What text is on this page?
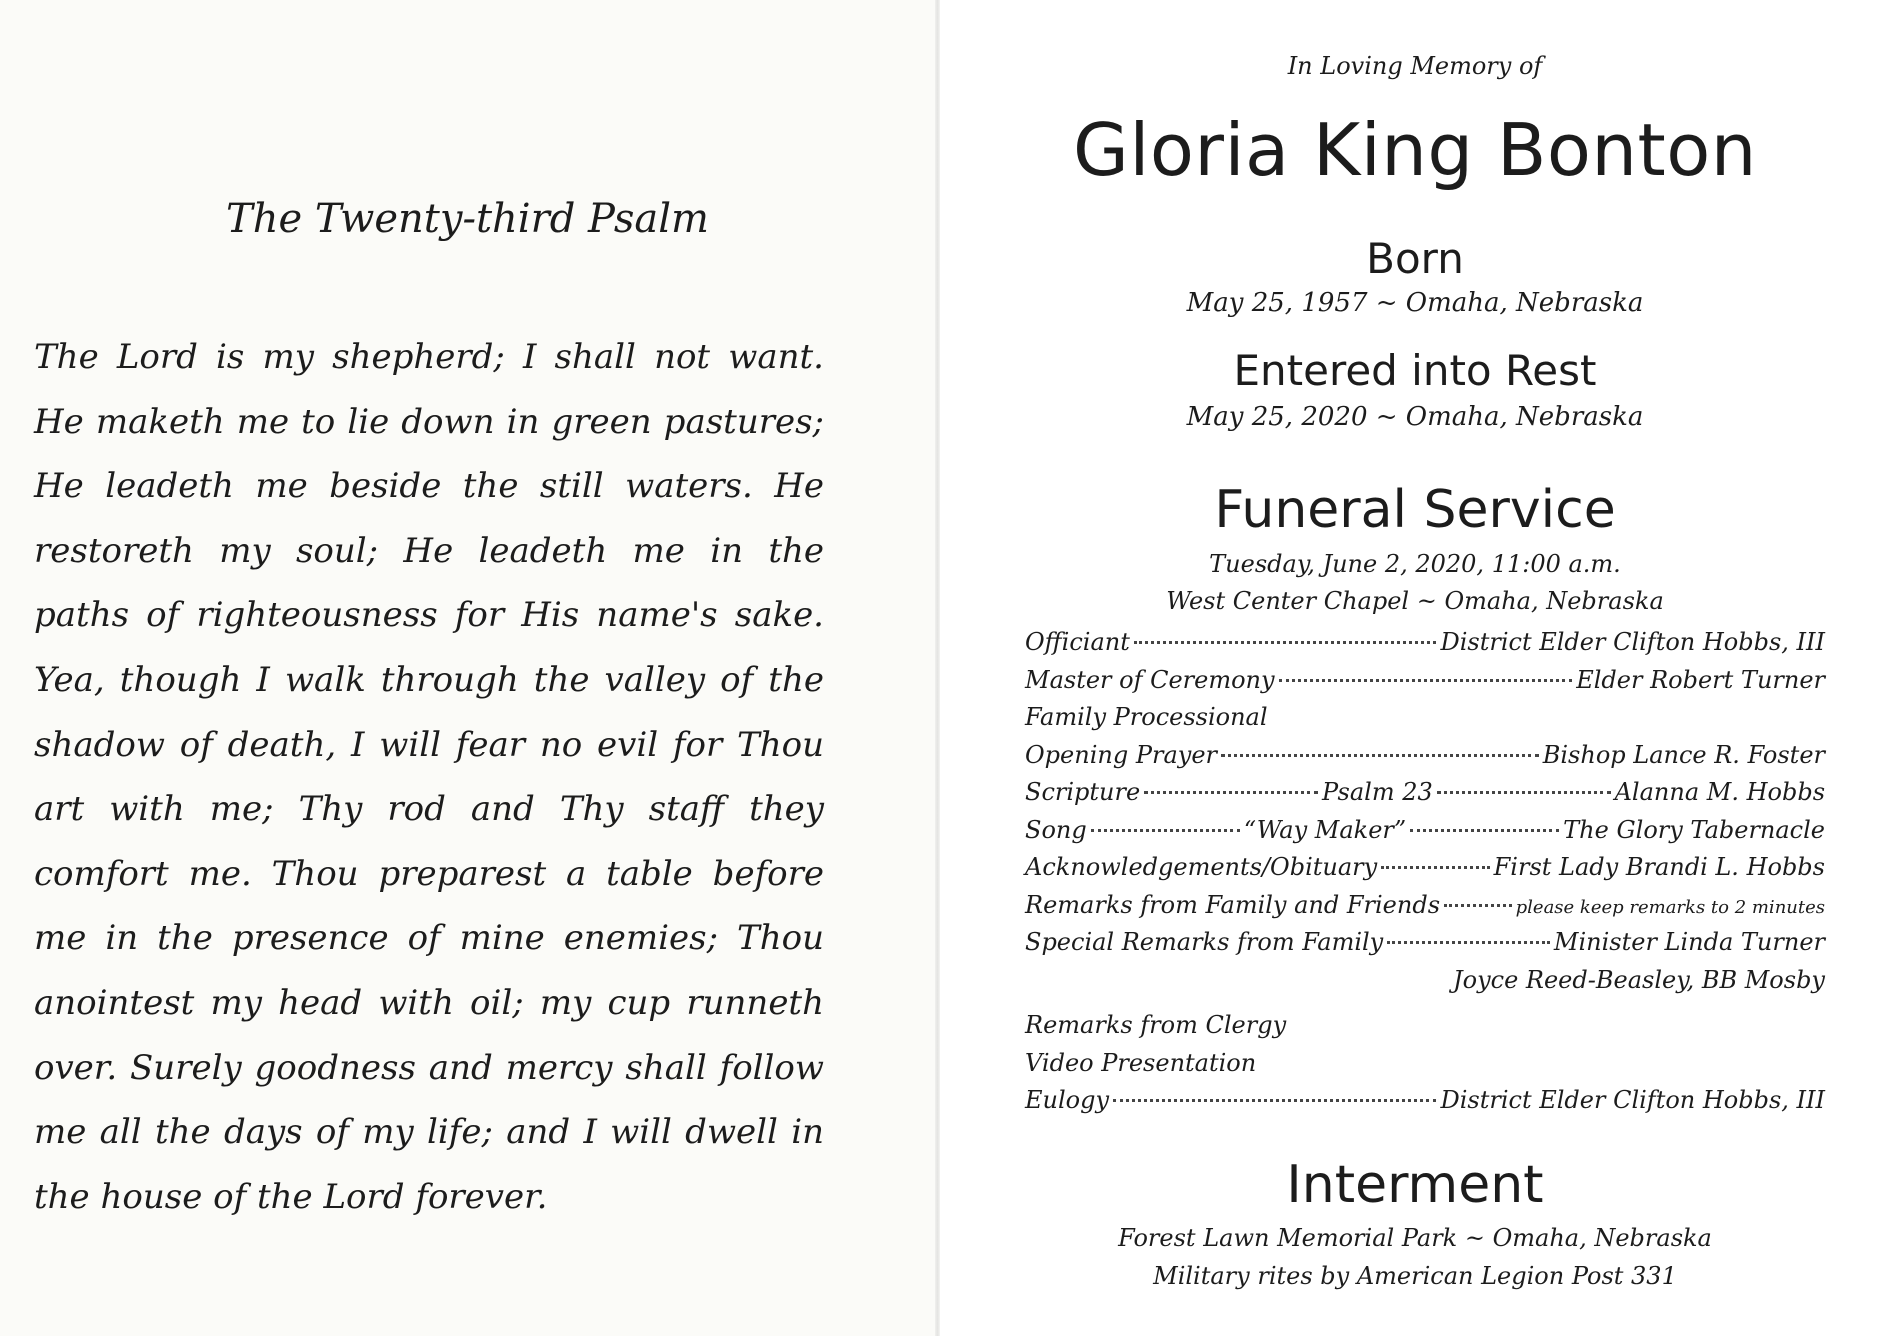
The Twenty-third Psalm
The Lord is my shepherd; I shall not want. He maketh me to lie down in green pastures; He leadeth me beside the still waters. He restoreth my soul; He leadeth me in the paths of righteousness for His name's sake. Yea, though I walk through the valley of the shadow of death, I will fear no evil for Thou art with me; Thy rod and Thy staff they comfort me. Thou preparest a table before me in the presence of mine enemies; Thou anointest my head with oil; my cup runneth over. Surely goodness and mercy shall follow me all the days of my life; and I will dwell in the house of the Lord forever.
In Loving Memory of
Gloria King Bonton
Born
May 25, 1957 ~ Omaha, Nebraska
Entered into Rest
May 25, 2020 ~ Omaha, Nebraska
Funeral Service
Tuesday, June 2, 2020, 11:00 a.m.
West Center Chapel ~ Omaha, Nebraska
Officiant	District Elder Clifton Hobbs, III
Master of Ceremony	Elder Robert Turner
Family Processional
Opening Prayer	Bishop Lance R. Foster
Scripture	Psalm 23	Alanna M. Hobbs
Song	“Way Maker”	The Glory Tabernacle
Acknowledgements/Obituary	First Lady Brandi L. Hobbs
Remarks from Family and Friends	please keep remarks to 2 minutes
Special Remarks from Family	Minister Linda Turner
Joyce Reed-Beasley, BB Mosby
Remarks from Clergy
Video Presentation
Eulogy	District Elder Clifton Hobbs, III
Interment
Forest Lawn Memorial Park ~ Omaha, Nebraska
Military rites by American Legion Post 331
